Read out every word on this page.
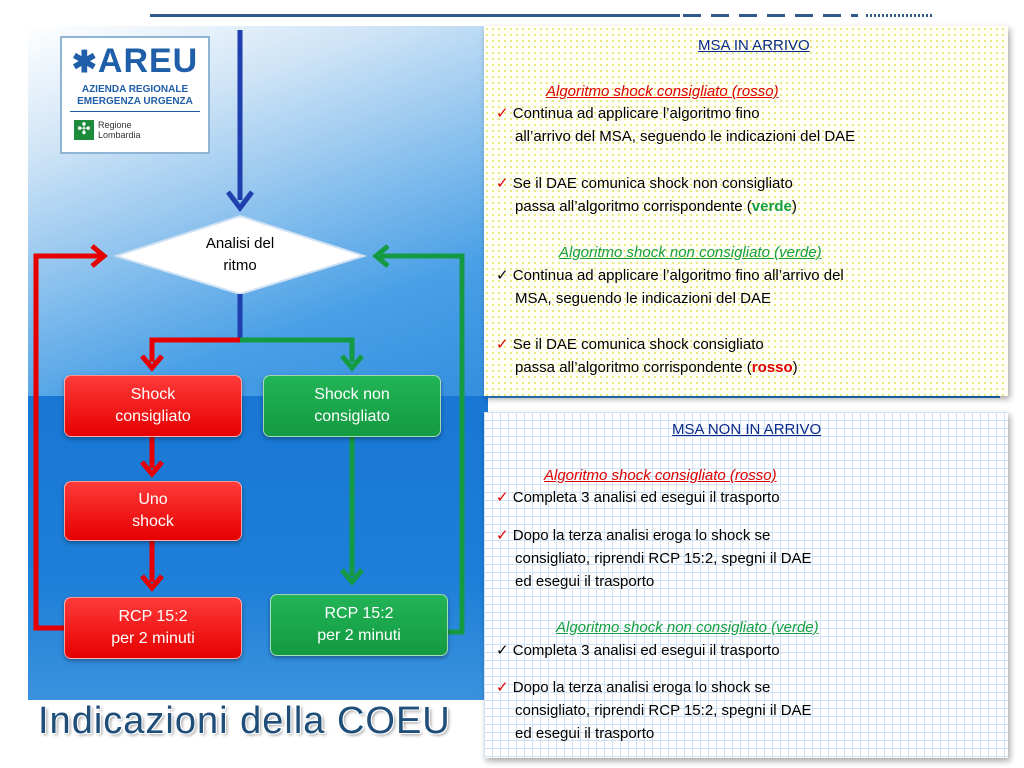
✱AREU
AZIENDA REGIONALE
EMERGENZA URGENZA
✣ Regione
Lombardia
Analisi del
ritmo
Shock
consigliato
Uno
shock
RCP 15:2
per 2 minuti
Shock non
consigliato
RCP 15:2
per 2 minuti
Indicazioni della COEU
MSA IN ARRIVO
Algoritmo shock consigliato (rosso)
✓ Continua ad applicare l’algoritmo fino
all’arrivo del MSA, seguendo le indicazioni del DAE
✓ Se il DAE comunica shock non consigliato
passa all’algoritmo corrispondente (verde)
Algoritmo shock non consigliato (verde)
✓ Continua ad applicare l’algoritmo fino all’arrivo del
MSA, seguendo le indicazioni del DAE
✓ Se il DAE comunica shock consigliato
passa all’algoritmo corrispondente (rosso)
MSA NON IN ARRIVO
Algoritmo shock consigliato (rosso)
✓ Completa 3 analisi ed esegui il trasporto
✓ Dopo la terza analisi eroga lo shock se
consigliato, riprendi RCP 15:2, spegni il DAE
ed esegui il trasporto
Algoritmo shock non consigliato (verde)
✓ Completa 3 analisi ed esegui il trasporto
✓ Dopo la terza analisi eroga lo shock se
consigliato, riprendi RCP 15:2, spegni il DAE
ed esegui il trasporto
